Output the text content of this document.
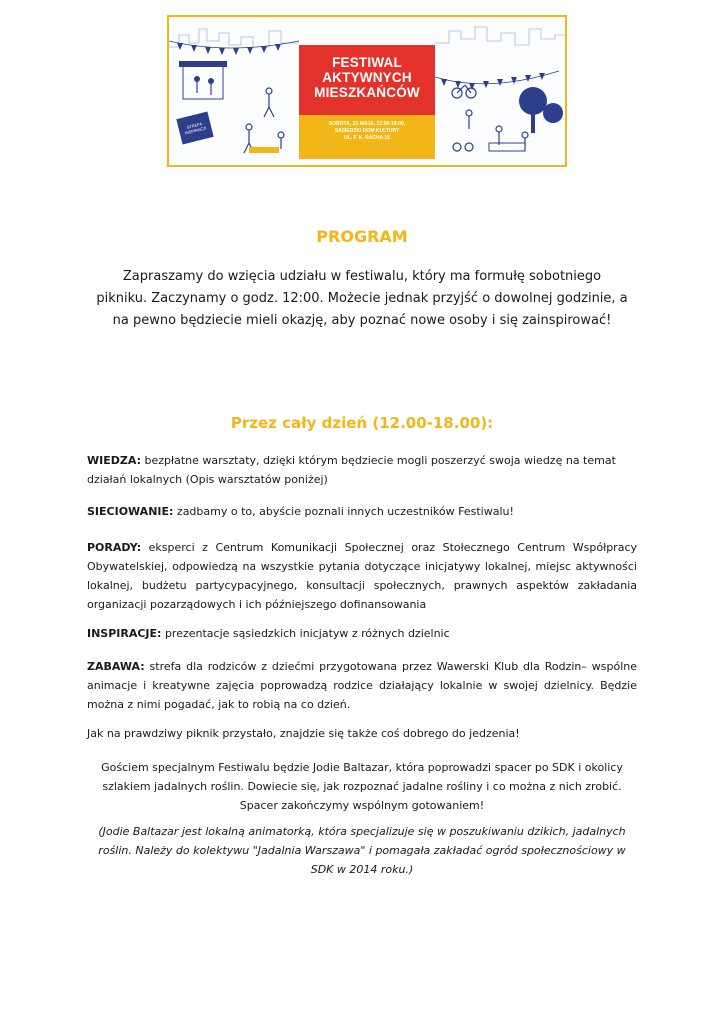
STREFA INSPIRACJI
FESTIWAL
AKTYWNYCH
MIESZKAŃCÓW
SOBOTA, 23 MAJA, 12:00-18:00,
SĄSIEDZKI DOM KULTURY
UL. F. K. RACHA 15
PROGRAM
Zapraszamy do wzięcia udziału w festiwalu, który ma formułę sobotniego pikniku. Zaczynamy o godz. 12:00. Możecie jednak przyjść o dowolnej godzinie, a na pewno będziecie mieli okazję, aby poznać nowe osoby i się zainspirować!
Przez cały dzień (12.00-18.00):
WIEDZA: bezpłatne warsztaty, dzięki którym będziecie mogli poszerzyć swoja wiedzę na temat działań lokalnych (Opis warsztatów poniżej)
SIECIOWANIE: zadbamy o to, abyście poznali innych uczestników Festiwalu!
PORADY: eksperci z Centrum Komunikacji Społecznej oraz Stołecznego Centrum Współpracy Obywatelskiej, odpowiedzą na wszystkie pytania dotyczące inicjatywy lokalnej, miejsc aktywności lokalnej, budżetu partycypacyjnego, konsultacji społecznych, prawnych aspektów zakładania organizacji pozarządowych i ich późniejszego dofinansowania
INSPIRACJE: prezentacje sąsiedzkich inicjatyw z różnych dzielnic
ZABAWA: strefa dla rodziców z dziećmi przygotowana przez Wawerski Klub dla Rodzin– wspólne animacje i kreatywne zajęcia poprowadzą rodzice działający lokalnie w swojej dzielnicy. Będzie można z nimi pogadać, jak to robią na co dzień.
Jak na prawdziwy piknik przystało, znajdzie się także coś dobrego do jedzenia!
Gościem specjalnym Festiwalu będzie Jodie Baltazar, która poprowadzi spacer po SDK i okolicy szlakiem jadalnych roślin. Dowiecie się, jak rozpoznać jadalne rośliny i co można z nich zrobić. Spacer zakończymy wspólnym gotowaniem!
(Jodie Baltazar jest lokalną animatorką, która specjalizuje się w poszukiwaniu dzikich, jadalnych roślin. Należy do kolektywu "Jadalnia Warszawa" i pomagała zakładać ogród społecznościowy w SDK w 2014 roku.)
